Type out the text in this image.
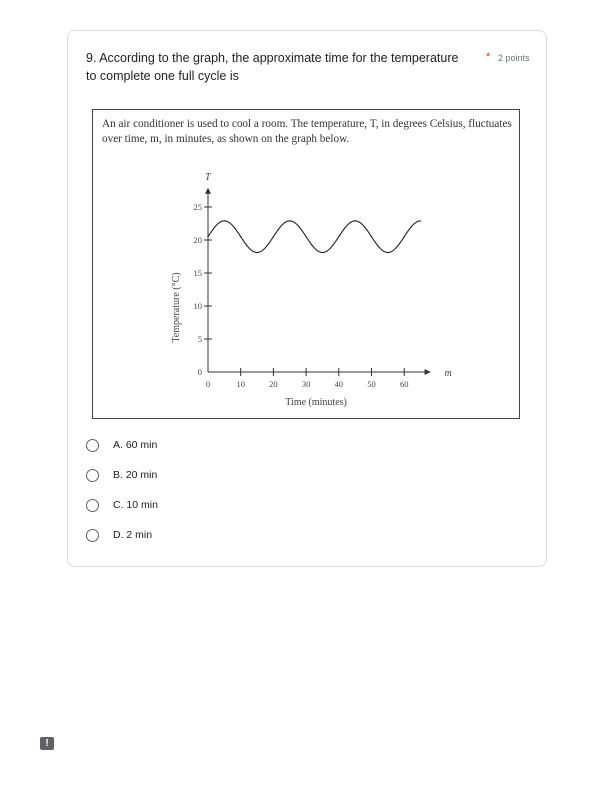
9. According to the graph, the approximate time for the temperature to complete one full cycle is
* 2 points
An air conditioner is used to cool a room. The temperature, T, in degrees Celsius, fluctuates over time, m, in minutes, as shown on the graph below.
m
T
0	10	20	30	40	50	60
0
5
10
15
20
25
Time (minutes)
Temperature (°C)
A. 60 min
B. 20 min
C. 10 min
D. 2 min
!
